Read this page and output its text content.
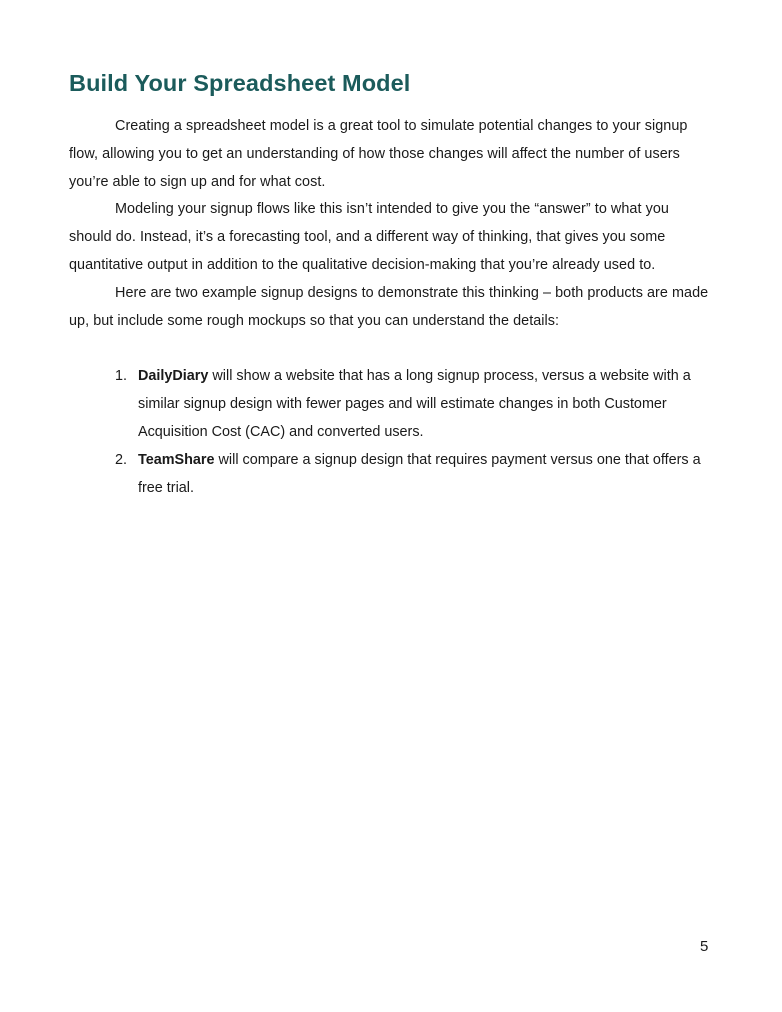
Build Your Spreadsheet Model

Creating a spreadsheet model is a great tool to simulate potential changes to your signup flow, allowing you to get an understanding of how those changes will affect the number of users you’re able to sign up and for what cost.

Modeling your signup flows like this isn’t intended to give you the “answer” to what you should do. Instead, it’s a forecasting tool, and a different way of thinking, that gives you some quantitative output in addition to the qualitative decision-making that you’re already used to.

Here are two example signup designs to demonstrate this thinking – both products are made up, but include some rough mockups so that you can understand the details:

1. DailyDiary will show a website that has a long signup process, versus a website with a similar signup design with fewer pages and will estimate changes in both Customer Acquisition Cost (CAC) and converted users.
2. TeamShare will compare a signup design that requires payment versus one that offers a free trial.
5
